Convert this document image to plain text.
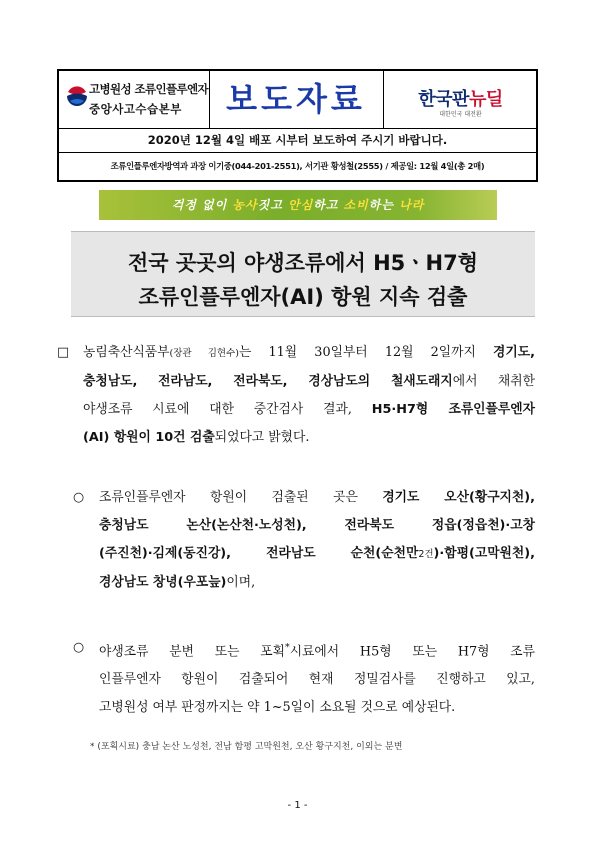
고병원성 조류인플루엔자
중앙사고수습본부	보도자료	한국판뉴딜
대한민국 대전환
2020년 12월 4일 배포 시부터 보도하여 주시기 바랍니다.
조류인플루엔자방역과 과장 이기중(044-201-2551), 서기관 황성철(2555) / 제공일: 12월 4일(총 2매)
걱정 없이 농사짓고 안심하고 소비하는 나라
전국 곳곳의 야생조류에서 H5ㆍH7형
조류인플루엔자(AI) 항원 지속 검출
□	농림축산식품부(장관 김현수)는 11월 30일부터 12월 2일까지 경기도,
충청남도, 전라남도, 전라북도, 경상남도의 철새도래지에서 채취한
야생조류 시료에 대한 중간검사 결과, H5·H7형 조류인플루엔자
(AI) 항원이 10건 검출되었다고 밝혔다.
○	조류인플루엔자 항원이 검출된 곳은 경기도 오산(황구지천),
충청남도 논산(논산천·노성천), 전라북도 정읍(정읍천)·고창
(주진천)·김제(동진강), 전라남도 순천(순천만2건)·함평(고막원천),
경상남도 창녕(우포늪)이며,
○	야생조류 분변 또는 포획*시료에서 H5형 또는 H7형 조류
인플루엔자 항원이 검출되어 현재 정밀검사를 진행하고 있고,
고병원성 여부 판정까지는 약 1~5일이 소요될 것으로 예상된다.
* (포획시료) 충남 논산 노성천, 전남 함평 고막원천, 오산 황구지천, 이외는 분변
- 1 -
